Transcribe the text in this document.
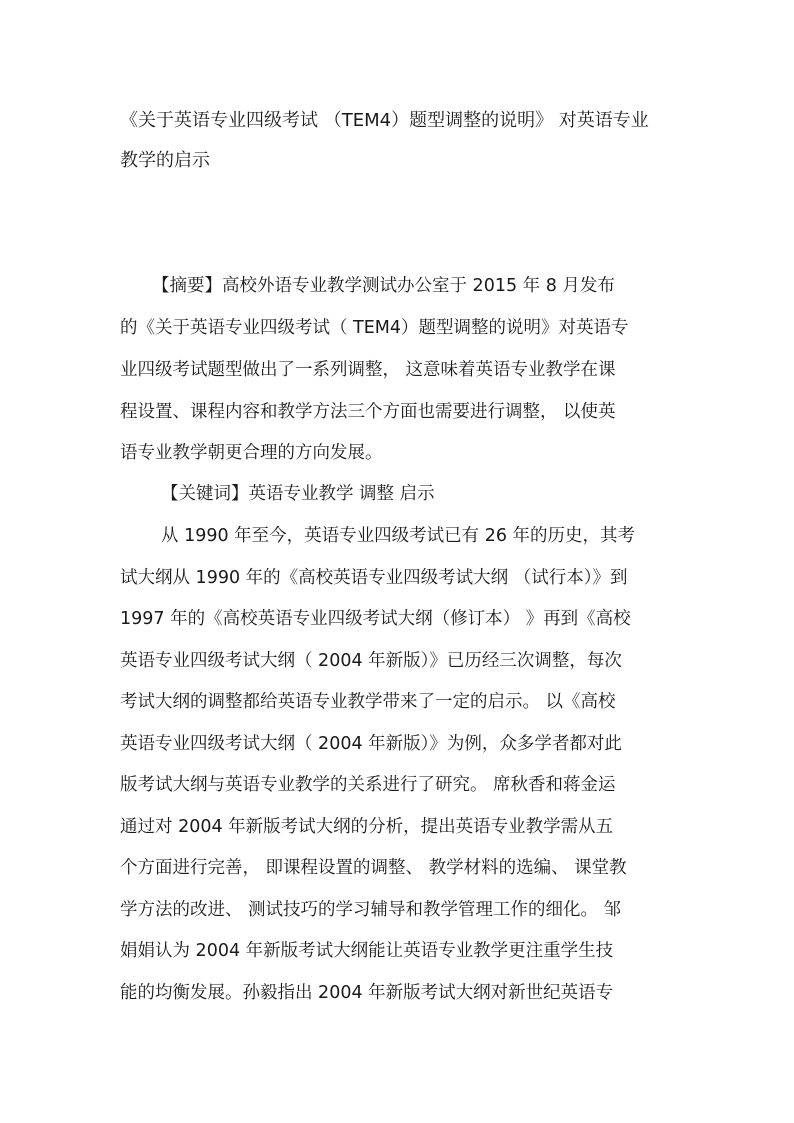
《关于英语专业四级考试 （TEM4）题型调整的说明》 对英语专业
教学的启示
【摘要】高校外语专业教学测试办公室于 2015 年 8 月发布
的《关于英语专业四级考试（ TEM4）题型调整的说明》对英语专
业四级考试题型做出了一系列调整， 这意味着英语专业教学在课
程设置、课程内容和教学方法三个方面也需要进行调整， 以使英
语专业教学朝更合理的方向发展。
【关键词】英语专业教学 调整 启示
从 1990 年至今，英语专业四级考试已有 26 年的历史，其考
试大纲从 1990 年的《高校英语专业四级考试大纲 （试行本）》到
1997 年的《高校英语专业四级考试大纲（修订本） 》再到《高校
英语专业四级考试大纲（ 2004 年新版）》已历经三次调整，每次
考试大纲的调整都给英语专业教学带来了一定的启示。 以《高校
英语专业四级考试大纲（ 2004 年新版）》为例，众多学者都对此
版考试大纲与英语专业教学的关系进行了研究。 席秋香和蒋金运
通过对 2004 年新版考试大纲的分析，提出英语专业教学需从五
个方面进行完善， 即课程设置的调整、 教学材料的选编、 课堂教
学方法的改进、 测试技巧的学习辅导和教学管理工作的细化。 邹
娟娟认为 2004 年新版考试大纲能让英语专业教学更注重学生技
能的均衡发展。孙毅指出 2004 年新版考试大纲对新世纪英语专
